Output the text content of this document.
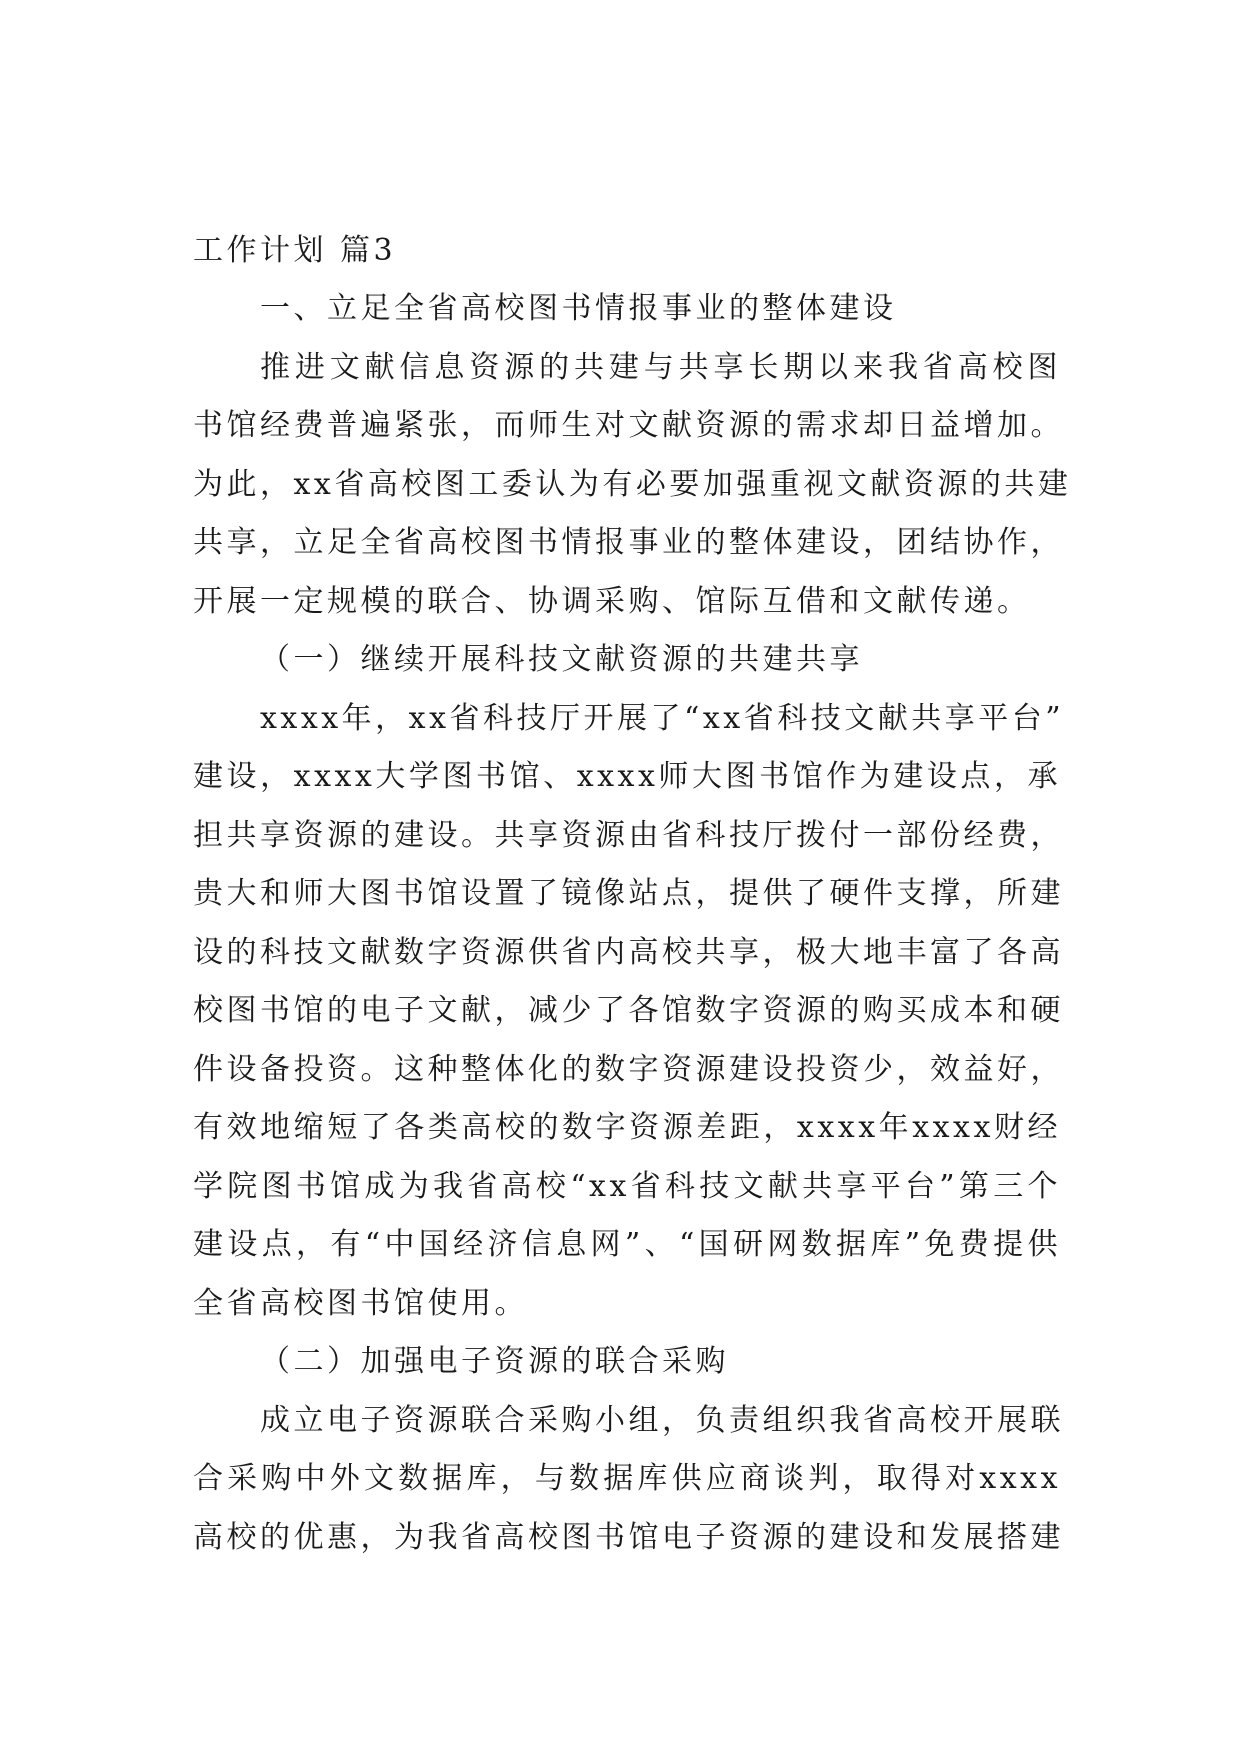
工作计划 篇3
一、立足全省高校图书情报事业的整体建设
推进文献信息资源的共建与共享长期以来我省高校图
书馆经费普遍紧张，而师生对文献资源的需求却日益增加。
为此，xx省高校图工委认为有必要加强重视文献资源的共建
共享，立足全省高校图书情报事业的整体建设，团结协作，
开展一定规模的联合、协调采购、馆际互借和文献传递。
（一）继续开展科技文献资源的共建共享
xxxx年，xx省科技厅开展了“xx省科技文献共享平台”
建设，xxxx大学图书馆、xxxx师大图书馆作为建设点，承
担共享资源的建设。共享资源由省科技厅拨付一部份经费，
贵大和师大图书馆设置了镜像站点，提供了硬件支撑，所建
设的科技文献数字资源供省内高校共享，极大地丰富了各高
校图书馆的电子文献，减少了各馆数字资源的购买成本和硬
件设备投资。这种整体化的数字资源建设投资少，效益好，
有效地缩短了各类高校的数字资源差距，xxxx年xxxx财经
学院图书馆成为我省高校“xx省科技文献共享平台”第三个
建设点，有“中国经济信息网”、“国研网数据库”免费提供
全省高校图书馆使用。
（二）加强电子资源的联合采购
成立电子资源联合采购小组，负责组织我省高校开展联
合采购中外文数据库，与数据库供应商谈判，取得对xxxx
高校的优惠，为我省高校图书馆电子资源的建设和发展搭建
